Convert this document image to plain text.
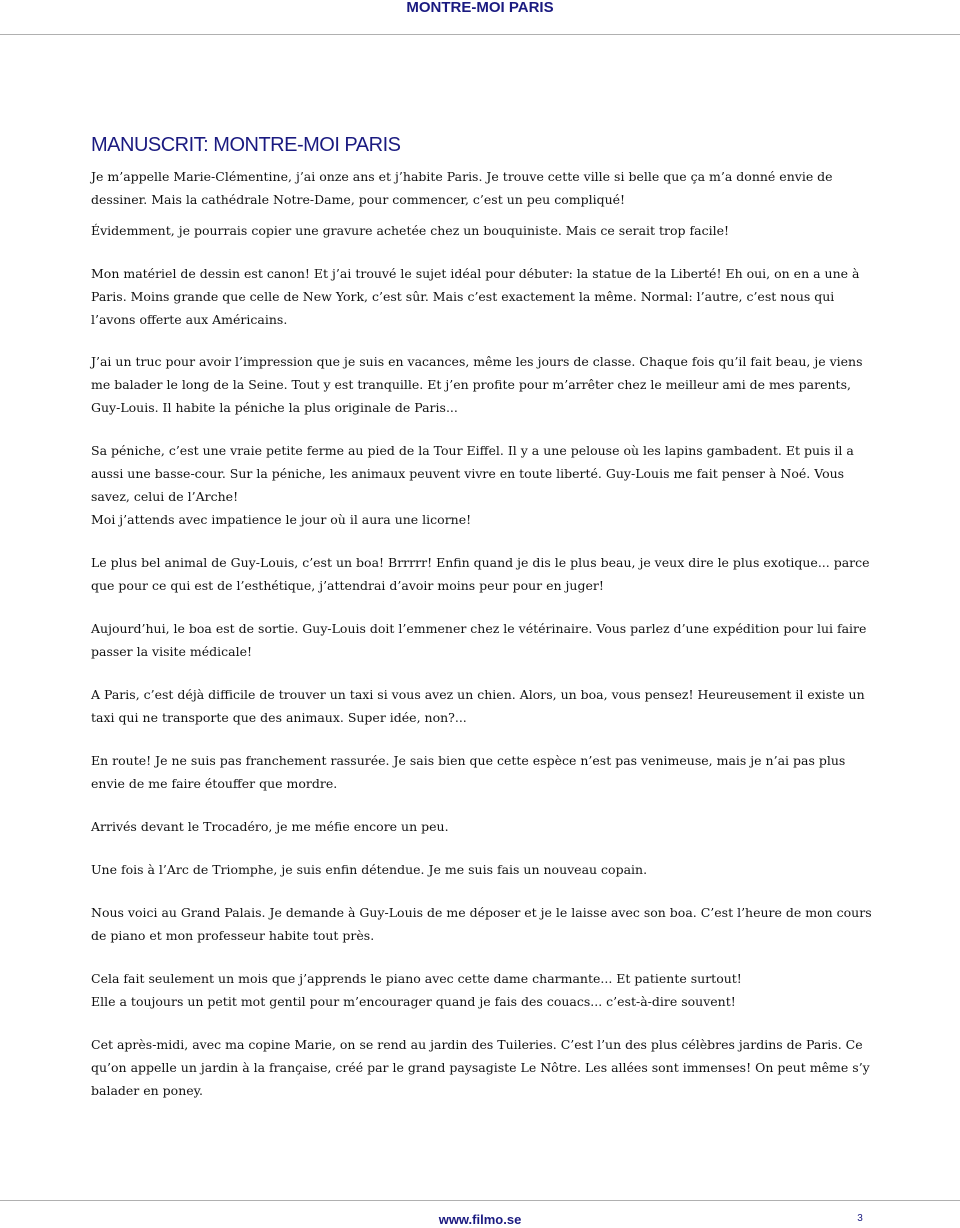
MONTRE-MOI PARIS
MANUSCRIT: MONTRE-MOI PARIS

Je m’appelle Marie-Clémentine, j’ai onze ans et j’habite Paris. Je trouve cette ville si belle que ça m’a donné envie de dessiner. Mais la cathédrale Notre-Dame, pour commencer, c’est un peu compliqué!

Évidemment, je pourrais copier une gravure achetée chez un bouquiniste. Mais ce serait trop facile!

Mon matériel de dessin est canon! Et j’ai trouvé le sujet idéal pour débuter: la statue de la Liberté! Eh oui, on en a une à Paris. Moins grande que celle de New York, c’est sûr. Mais c’est exactement la même. Normal: l’autre, c’est nous qui l’avons offerte aux Américains.

J’ai un truc pour avoir l’impression que je suis en vacances, même les jours de classe. Chaque fois qu’il fait beau, je viens me balader le long de la Seine. Tout y est tranquille. Et j’en profite pour m’arrêter chez le meilleur ami de mes parents, Guy-Louis. Il habite la péniche la plus originale de Paris...

Sa péniche, c’est une vraie petite ferme au pied de la Tour Eiffel. Il y a une pelouse où les lapins gambadent. Et puis il a aussi une basse-cour. Sur la péniche, les animaux peuvent vivre en toute liberté. Guy-Louis me fait penser à Noé. Vous savez, celui de l’Arche!
Moi j’attends avec impatience le jour où il aura une licorne!

Le plus bel animal de Guy-Louis, c’est un boa! Brrrrr! Enfin quand je dis le plus beau, je veux dire le plus exotique... parce que pour ce qui est de l’esthétique, j’attendrai d’avoir moins peur pour en juger!

Aujourd’hui, le boa est de sortie. Guy-Louis doit l’emmener chez le vétérinaire. Vous parlez d’une expédition pour lui faire passer la visite médicale!

A Paris, c’est déjà difficile de trouver un taxi si vous avez un chien. Alors, un boa, vous pensez! Heureusement il existe un taxi qui ne transporte que des animaux. Super idée, non?...

En route! Je ne suis pas franchement rassurée. Je sais bien que cette espèce n’est pas venimeuse, mais je n’ai pas plus envie de me faire étouffer que mordre.

Arrivés devant le Trocadéro, je me méfie encore un peu.

Une fois à l’Arc de Triomphe, je suis enfin détendue. Je me suis fais un nouveau copain.

Nous voici au Grand Palais. Je demande à Guy-Louis de me déposer et je le laisse avec son boa. C’est l’heure de mon cours de piano et mon professeur habite tout près.

Cela fait seulement un mois que j’apprends le piano avec cette dame charmante... Et patiente surtout!
Elle a toujours un petit mot gentil pour m’encourager quand je fais des couacs... c’est-à-dire souvent!

Cet après-midi, avec ma copine Marie, on se rend au jardin des Tuileries. C’est l’un des plus célèbres jardins de Paris. Ce qu’on appelle un jardin à la française, créé par le grand paysagiste Le Nôtre. Les allées sont immenses! On peut même s’y balader en poney.

www.filmo.se	3
